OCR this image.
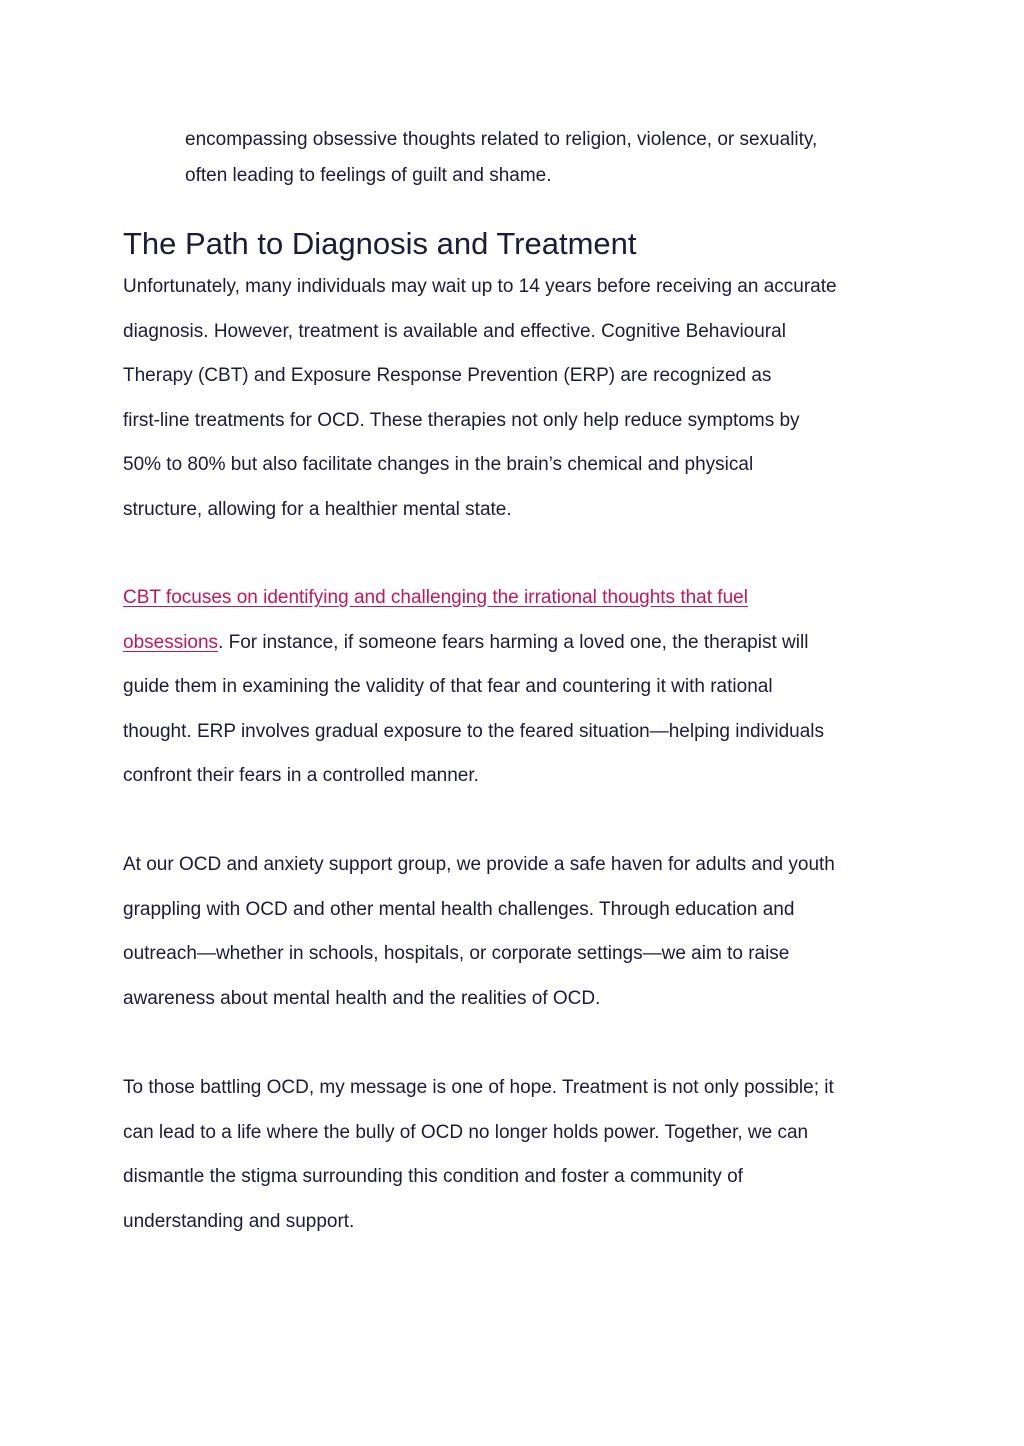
encompassing obsessive thoughts related to religion, violence, or sexuality,
often leading to feelings of guilt and shame.
The Path to Diagnosis and Treatment
Unfortunately, many individuals may wait up to 14 years before receiving an accurate
diagnosis. However, treatment is available and effective. Cognitive Behavioural
Therapy (CBT) and Exposure Response Prevention (ERP) are recognized as
first-line treatments for OCD. These therapies not only help reduce symptoms by
50% to 80% but also facilitate changes in the brain’s chemical and physical
structure, allowing for a healthier mental state.
CBT focuses on identifying and challenging the irrational thoughts that fuel
obsessions. For instance, if someone fears harming a loved one, the therapist will
guide them in examining the validity of that fear and countering it with rational
thought. ERP involves gradual exposure to the feared situation—helping individuals
confront their fears in a controlled manner.
At our OCD and anxiety support group, we provide a safe haven for adults and youth
grappling with OCD and other mental health challenges. Through education and
outreach—whether in schools, hospitals, or corporate settings—we aim to raise
awareness about mental health and the realities of OCD.
To those battling OCD, my message is one of hope. Treatment is not only possible; it
can lead to a life where the bully of OCD no longer holds power. Together, we can
dismantle the stigma surrounding this condition and foster a community of
understanding and support.
